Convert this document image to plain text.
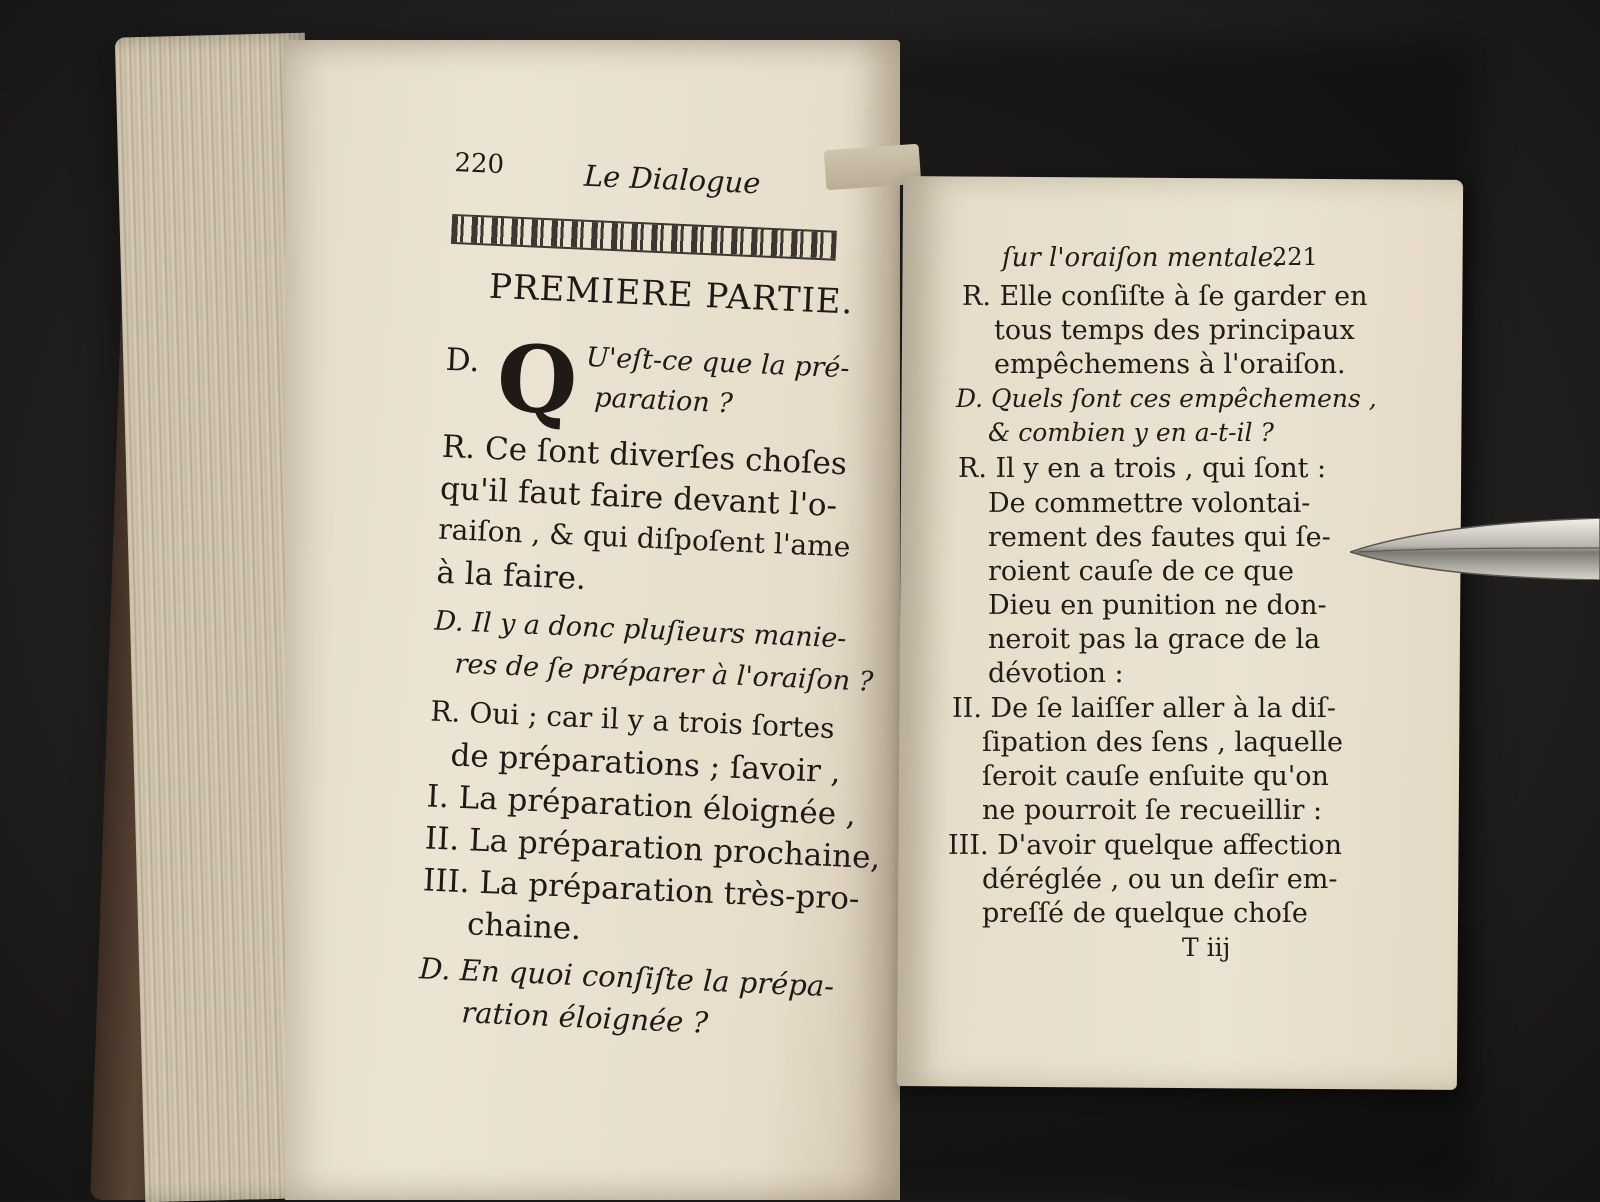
220	Le Dialogue
PREMIERE PARTIE.
D. Q U'eſt-ce que la pré-
paration ?
R. Ce ſont diverſes choſes
qu'il faut faire devant l'o-
raiſon , & qui diſpoſent l'ame
à la faire.
D. Il y a donc pluſieurs manie-
res de ſe préparer à l'oraiſon ?
R. Oui ; car il y a trois ſortes
de préparations ; ſavoir ,
I. La préparation éloignée ,
II. La préparation prochaine,
III. La préparation très-pro-
chaine.
D. En quoi conſiſte la prépa-
ration éloignée ?
ſur l'oraiſon mentale.
221
R. Elle conſiſte à ſe garder en
tous temps des principaux
empêchemens à l'oraiſon.
D. Quels ſont ces empêchemens ,
& combien y en a-t-il ?
R. Il y en a trois , qui ſont :
De commettre volontai-
rement des fautes qui ſe-
roient cauſe de ce que
Dieu en punition ne don-
neroit pas la grace de la
dévotion :
II. De ſe laiſſer aller à la diſ-
ſipation des ſens , laquelle
ſeroit cauſe enſuite qu'on
ne pourroit ſe recueillir :
III. D'avoir quelque affection
déréglée , ou un deſir em-
preſſé de quelque choſe
T iij
